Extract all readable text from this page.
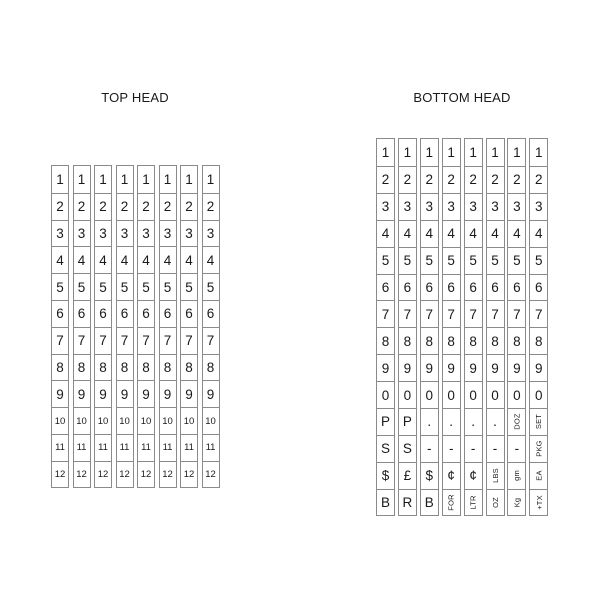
TOP HEAD	BOTTOM HEAD
1
2
3
4
5
6
7
8
9
10
11
12
1
2
3
4
5
6
7
8
9
10
11
12
1
2
3
4
5
6
7
8
9
10
11
12
1
2
3
4
5
6
7
8
9
10
11
12
1
2
3
4
5
6
7
8
9
10
11
12
1
2
3
4
5
6
7
8
9
10
11
12
1
2
3
4
5
6
7
8
9
10
11
12
1
2
3
4
5
6
7
8
9
10
11
12
1
2
3
4
5
6
7
8
9
0
P
S
$
B
1
2
3
4
5
6
7
8
9
0
P
S
£
R
1
2
3
4
5
6
7
8
9
0
.
-
$
B
1
2
3
4
5
6
7
8
9
0
.
-
¢
FOR
1
2
3
4
5
6
7
8
9
0
.
-
¢
LTR
1
2
3
4
5
6
7
8
9
0
.
-
LBS
OZ
1
2
3
4
5
6
7
8
9
0
DOZ
-
gm
Kg
1
2
3
4
5
6
7
8
9
0
SET
PKG
EA
+TX
